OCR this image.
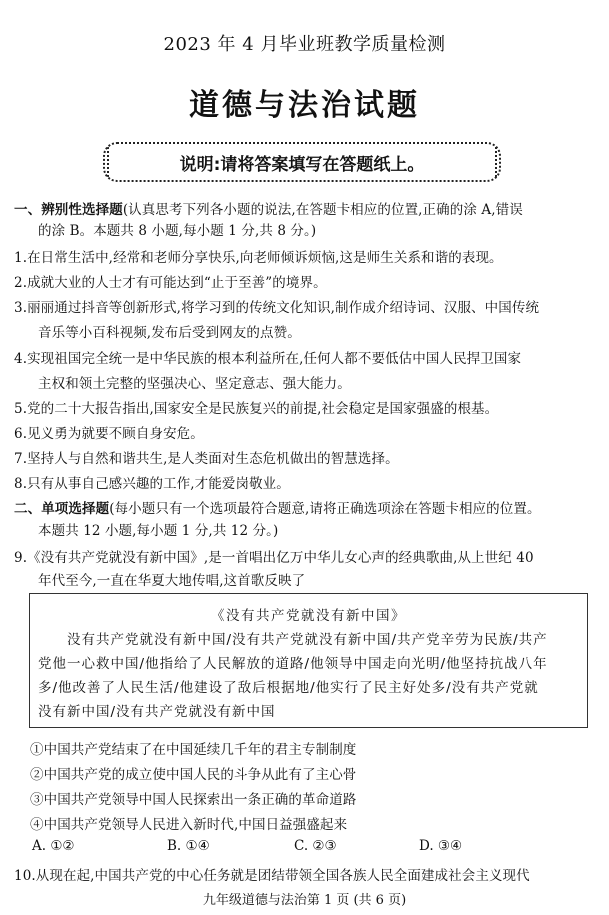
2023 年 4 月毕业班教学质量检测
道德与法治试题
说明:请将答案填写在答题纸上。
一、辨别性选择题(认真思考下列各小题的说法,在答题卡相应的位置,正确的涂 A,错误
的涂 B。本题共 8 小题,每小题 1 分,共 8 分。)
1.在日常生活中,经常和老师分享快乐,向老师倾诉烦恼,这是师生关系和谐的表现。
2.成就大业的人士才有可能达到“止于至善”的境界。
3.丽丽通过抖音等创新形式,将学习到的传统文化知识,制作成介绍诗词、汉服、中国传统
音乐等小百科视频,发布后受到网友的点赞。
4.实现祖国完全统一是中华民族的根本利益所在,任何人都不要低估中国人民捍卫国家
主权和领土完整的坚强决心、坚定意志、强大能力。
5.党的二十大报告指出,国家安全是民族复兴的前提,社会稳定是国家强盛的根基。
6.见义勇为就要不顾自身安危。
7.坚持人与自然和谐共生,是人类面对生态危机做出的智慧选择。
8.只有从事自己感兴趣的工作,才能爱岗敬业。
二、单项选择题(每小题只有一个选项最符合题意,请将正确选项涂在答题卡相应的位置。
本题共 12 小题,每小题 1 分,共 12 分。)
9.《没有共产党就没有新中国》,是一首唱出亿万中华儿女心声的经典歌曲,从上世纪 40
年代至今,一直在华夏大地传唱,这首歌反映了
《没有共产党就没有新中国》
没有共产党就没有新中国/没有共产党就没有新中国/共产党辛劳为民族/共产
党他一心救中国/他指给了人民解放的道路/他领导中国走向光明/他坚持抗战八年
多/他改善了人民生活/他建设了敌后根据地/他实行了民主好处多/没有共产党就
没有新中国/没有共产党就没有新中国
①中国共产党结束了在中国延续几千年的君主专制制度
②中国共产党的成立使中国人民的斗争从此有了主心骨
③中国共产党领导中国人民探索出一条正确的革命道路
④中国共产党领导人民进入新时代,中国日益强盛起来
A. ①②	B. ①④	C. ②③	D. ③④
10.从现在起,中国共产党的中心任务就是团结带领全国各族人民全面建成社会主义现代
九年级道德与法治第 1 页 (共 6 页)
